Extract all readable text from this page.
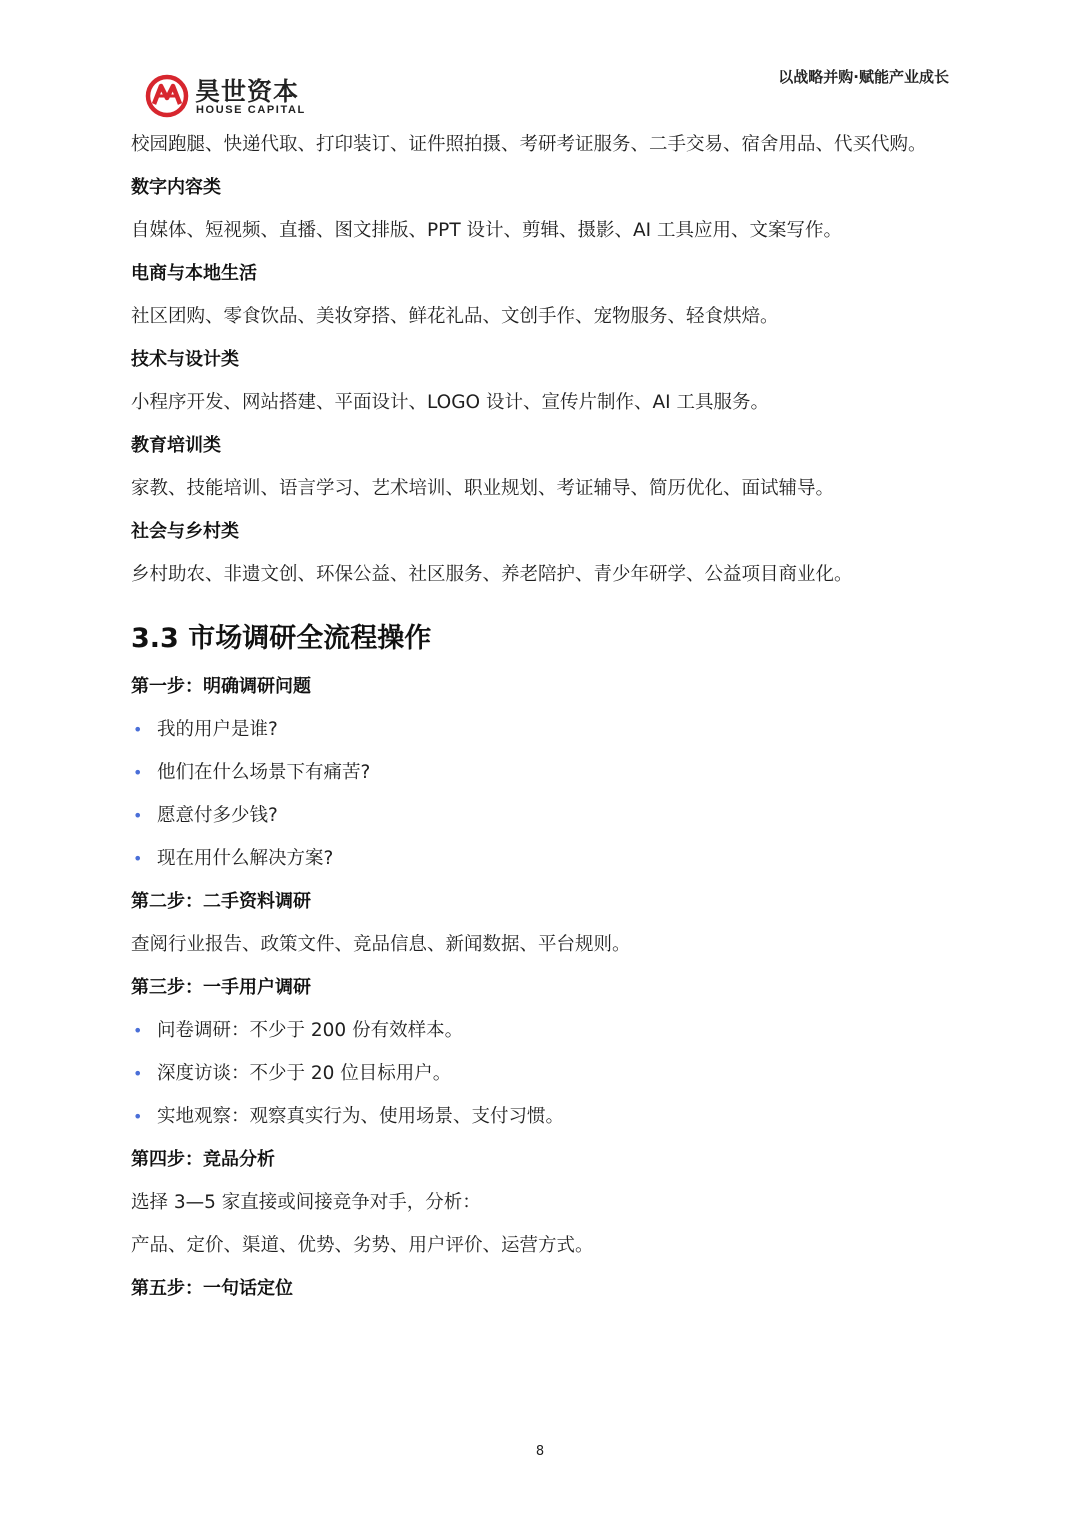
昊世资本
HOUSE CAPITAL
以战略并购·赋能产业成长

校园跑腿、快递代取、打印装订、证件照拍摄、考研考证服务、二手交易、宿舍用品、代买代购。

数字内容类

自媒体、短视频、直播、图文排版、PPT 设计、剪辑、摄影、AI 工具应用、文案写作。

电商与本地生活

社区团购、零食饮品、美妆穿搭、鲜花礼品、文创手作、宠物服务、轻食烘焙。

技术与设计类

小程序开发、网站搭建、平面设计、LOGO 设计、宣传片制作、AI 工具服务。

教育培训类

家教、技能培训、语言学习、艺术培训、职业规划、考证辅导、简历优化、面试辅导。

社会与乡村类

乡村助农、非遗文创、环保公益、社区服务、养老陪护、青少年研学、公益项目商业化。

3.3 市场调研全流程操作
第一步：明确调研问题
• 我的用户是谁?
• 他们在什么场景下有痛苦?
• 愿意付多少钱?
• 现在用什么解决方案?
第二步：二手资料调研

查阅行业报告、政策文件、竞品信息、新闻数据、平台规则。

第三步：一手用户调研
• 问卷调研：不少于 200 份有效样本。
• 深度访谈：不少于 20 位目标用户。
• 实地观察：观察真实行为、使用场景、支付习惯。
第四步：竞品分析

选择 3—5 家直接或间接竞争对手，分析：

产品、定价、渠道、优势、劣势、用户评价、运营方式。

第五步：一句话定位
8
